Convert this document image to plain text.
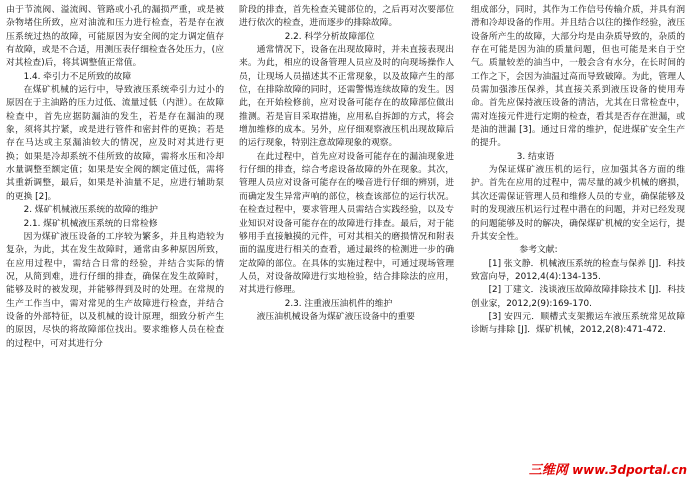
由于节流阀、溢流阀、管路或小孔的漏损严重，或是被杂物堵住所致，应对油流和压力进行检查，若是存在液压系统过热的故障，可能原因为安全阀的定力调定值存有故障，或是不合适，用测压表仔细检查各处压力，(应对其检查)后，将其调整值正常值。

1.4. 牵引力不足所致的故障

在煤矿机械的运行中，导致液压系统牵引力过小的原因在于主油路的压力过低、流量过低（内泄）。在故障检查中，首先应据防漏油的发生，若是存在漏油的现象，须将其拧紧，或是进行管件和密封件的更换；若是存在马达或主泵漏油较大的情况，应及时对其进行更换；如果是冷却系统不佳所致的故障，需将水压和冷却水量调整至额定值；如果是安全阀的额定值过低，需将其重新调整，最后，如果是补油量不足，应进行辅助泵的更换 [2]。

2. 煤矿机械液压系统的故障的维护

2.1. 煤矿机械液压系统的日常检修

因为煤矿液压设备的工序较为繁多，并且构造较为复杂，为此，其在发生故障时，通常由多种原因所致，在应用过程中，需结合日常的经验，并结合实际的情况，从简到难，进行仔细的排查，确保在发生故障时，能够及时的被发现，并能够得到及时的处理。在常规的生产工作当中，需对常见的生产故障进行检查，并结合设备的外部特征，以及机械的设计原理，细致分析产生的原因，尽快的将故障部位找出。要求维修人员在检查的过程中，可对其进行分

阶段的排查，首先检查关键部位的，之后再对次要部位进行依次的检查，进而逐步的排除故障。

2.2. 科学分析故障部位

通常情况下，设备在出现故障时，并未直接表现出来。为此，相应的设备管理人员应及时的向现场操作人员，让现场人员描述其不正常现象，以及故障产生的部位，在排除故障的同时，还需警惕连续故障的发生。因此，在开始检修前，应对设备可能存在的故障部位做出推测。若是盲目采取措施，应用私自拆卸的方式，将会增加维修的成本。另外，应仔细观察液压机出现故障后的运行现象，特别注意故障现象的观察。

在此过程中，首先应对设备可能存在的漏油现象进行仔细的排查，综合考虑设备故障的外在现象。其次，管理人员应对设备可能存在的噪音进行仔细的辨别，进而确定发生异常声响的部位，核查该部位的运行状况。在检查过程中，要求管理人员需结合实践经验，以及专业知识对设备可能存在的故障进行排查。最后，对于能够用手直接触摸的元件，可对其相关的磨损情况和附表面的温度进行相关的查看，通过最终的检测进一步的确定故障的部位。在具体的实施过程中，可通过现场管理人员，对设备故障进行实地检验，结合排除法的应用，对其进行修理。

2.3. 注重液压油机件的维护

液压油机械设备为煤矿液压设备中的重要

组成部分，同时，其作为工作信号传输介质，并具有润滑和冷却设备的作用。并且结合以往的操作经验，液压设备所产生的故障，大部分均是由杂质导致的，杂质的存在可能是因为油的质量问题，但也可能是来自于空气。质量较差的油当中，一般会含有水分，在长时间的工作之下，会因为油温过高而导致破障。为此，管理人员需加强渗压保养，其直接关系到液压设备的使用寿命。首先应保持液压设备的清洁，尤其在日常检查中，需对连接元件进行定期的检查，看其是否存在泄漏，或是油的泄漏 [3]。通过日常的维护，促进煤矿安全生产的提升。

3. 结束语

为保证煤矿液压机的运行，应加强其各方面的维护。首先在应用的过程中，需尽量的减少机械的磨损，其次还需保证管理人员和维修人员的专业，确保能够及时的发现液压机运行过程中潜在的问题，并对已经发现的问题能够及时的解决，确保煤矿机械的安全运行，提升其安全性。

参考文献:

[1] 张文静．机械液压系统的检查与保养 [J]．科技致富向导，2012,4(4):134-135.

[2] 丁建文．浅谈液压故障故障排除技术 [J]．科技创业家，2012,2(9):169-170.

[3] 安四元．顺槽式支架搬运车液压系统常见故障诊断与排除 [J]．煤矿机械，2012,2(8):471-472.

三维网 www.3dportal.cn
